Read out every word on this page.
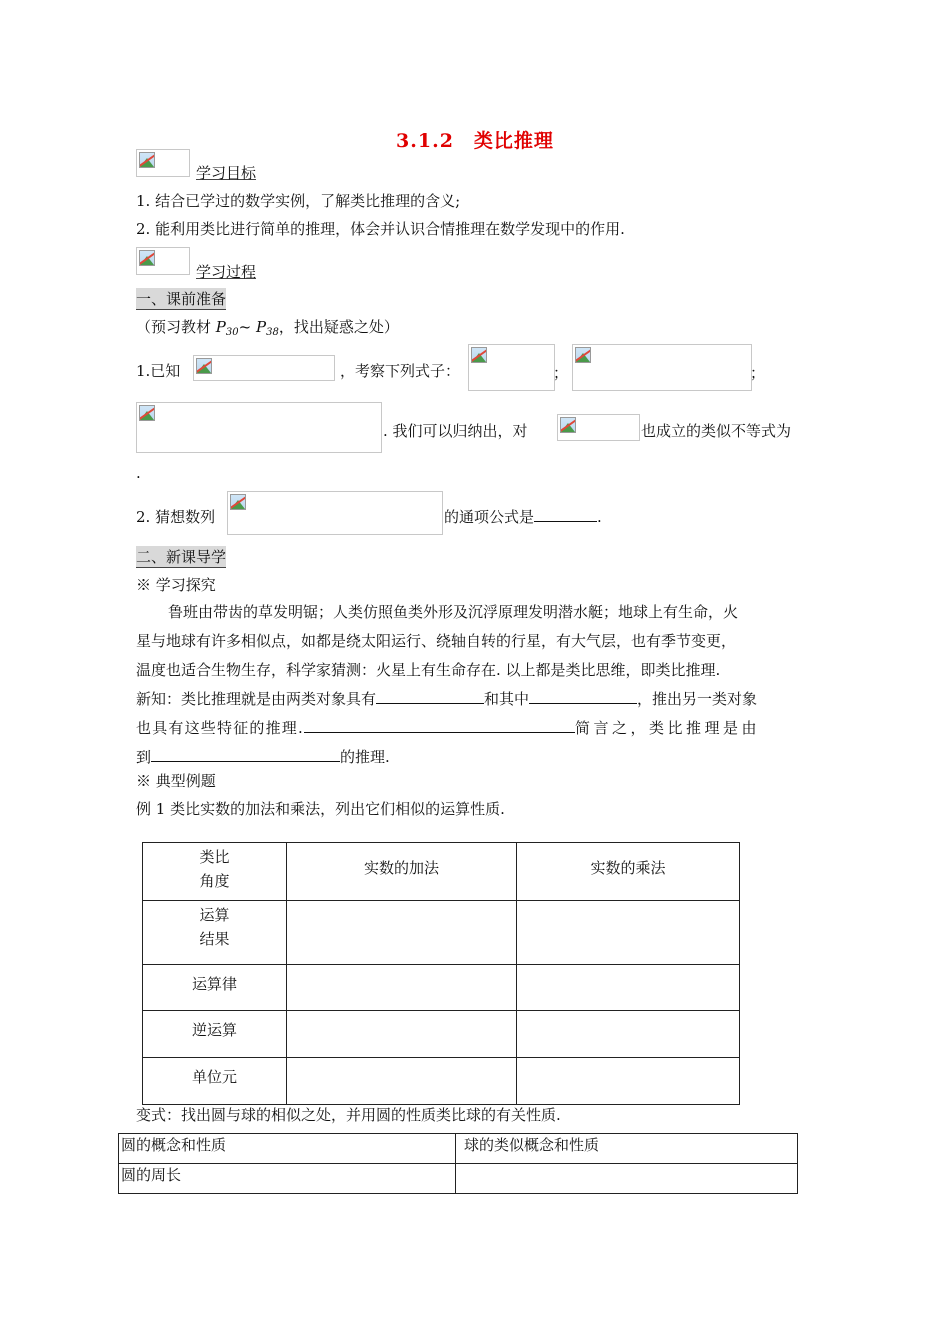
3.1.2　类比推理
学习目标
1. 结合已学过的数学实例，了解类比推理的含义;
2. 能利用类比进行简单的推理，体会并认识合情推理在数学发现中的作用.
学习过程
一、课前准备
（预习教材 $P_{30}\sim$ $P_{38}$，找出疑惑之处）
1.已知	，考察下列式子：	；	；
. 我们可以归纳出，对	也成立的类似不等式为
.
2. 猜想数列	的通项公式是	.
二、新课导学
※ 学习探究
鲁班由带齿的草发明锯；人类仿照鱼类外形及沉浮原理发明潜水艇；地球上有生命，火
星与地球有许多相似点，如都是绕太阳运行、绕轴自转的行星，有大气层，也有季节变更，
温度也适合生物生存，科学家猜测：火星上有生命存在. 以上都是类比思维，即类比推理.
新知：类比推理就是由两类对象具有	和其中	，推出另一类对象
也具有这些特征的推理.	简言之，类比推理是由
到	的推理.
※ 典型例题
例 1 类比实数的加法和乘法，列出它们相似的运算性质.
类比
角度	实数的加法	实数的乘法
运算
结果		
运算律		
逆运算		
单位元		
变式：找出圆与球的相似之处，并用圆的性质类比球的有关性质.
圆的概念和性质	球的类似概念和性质
圆的周长	
